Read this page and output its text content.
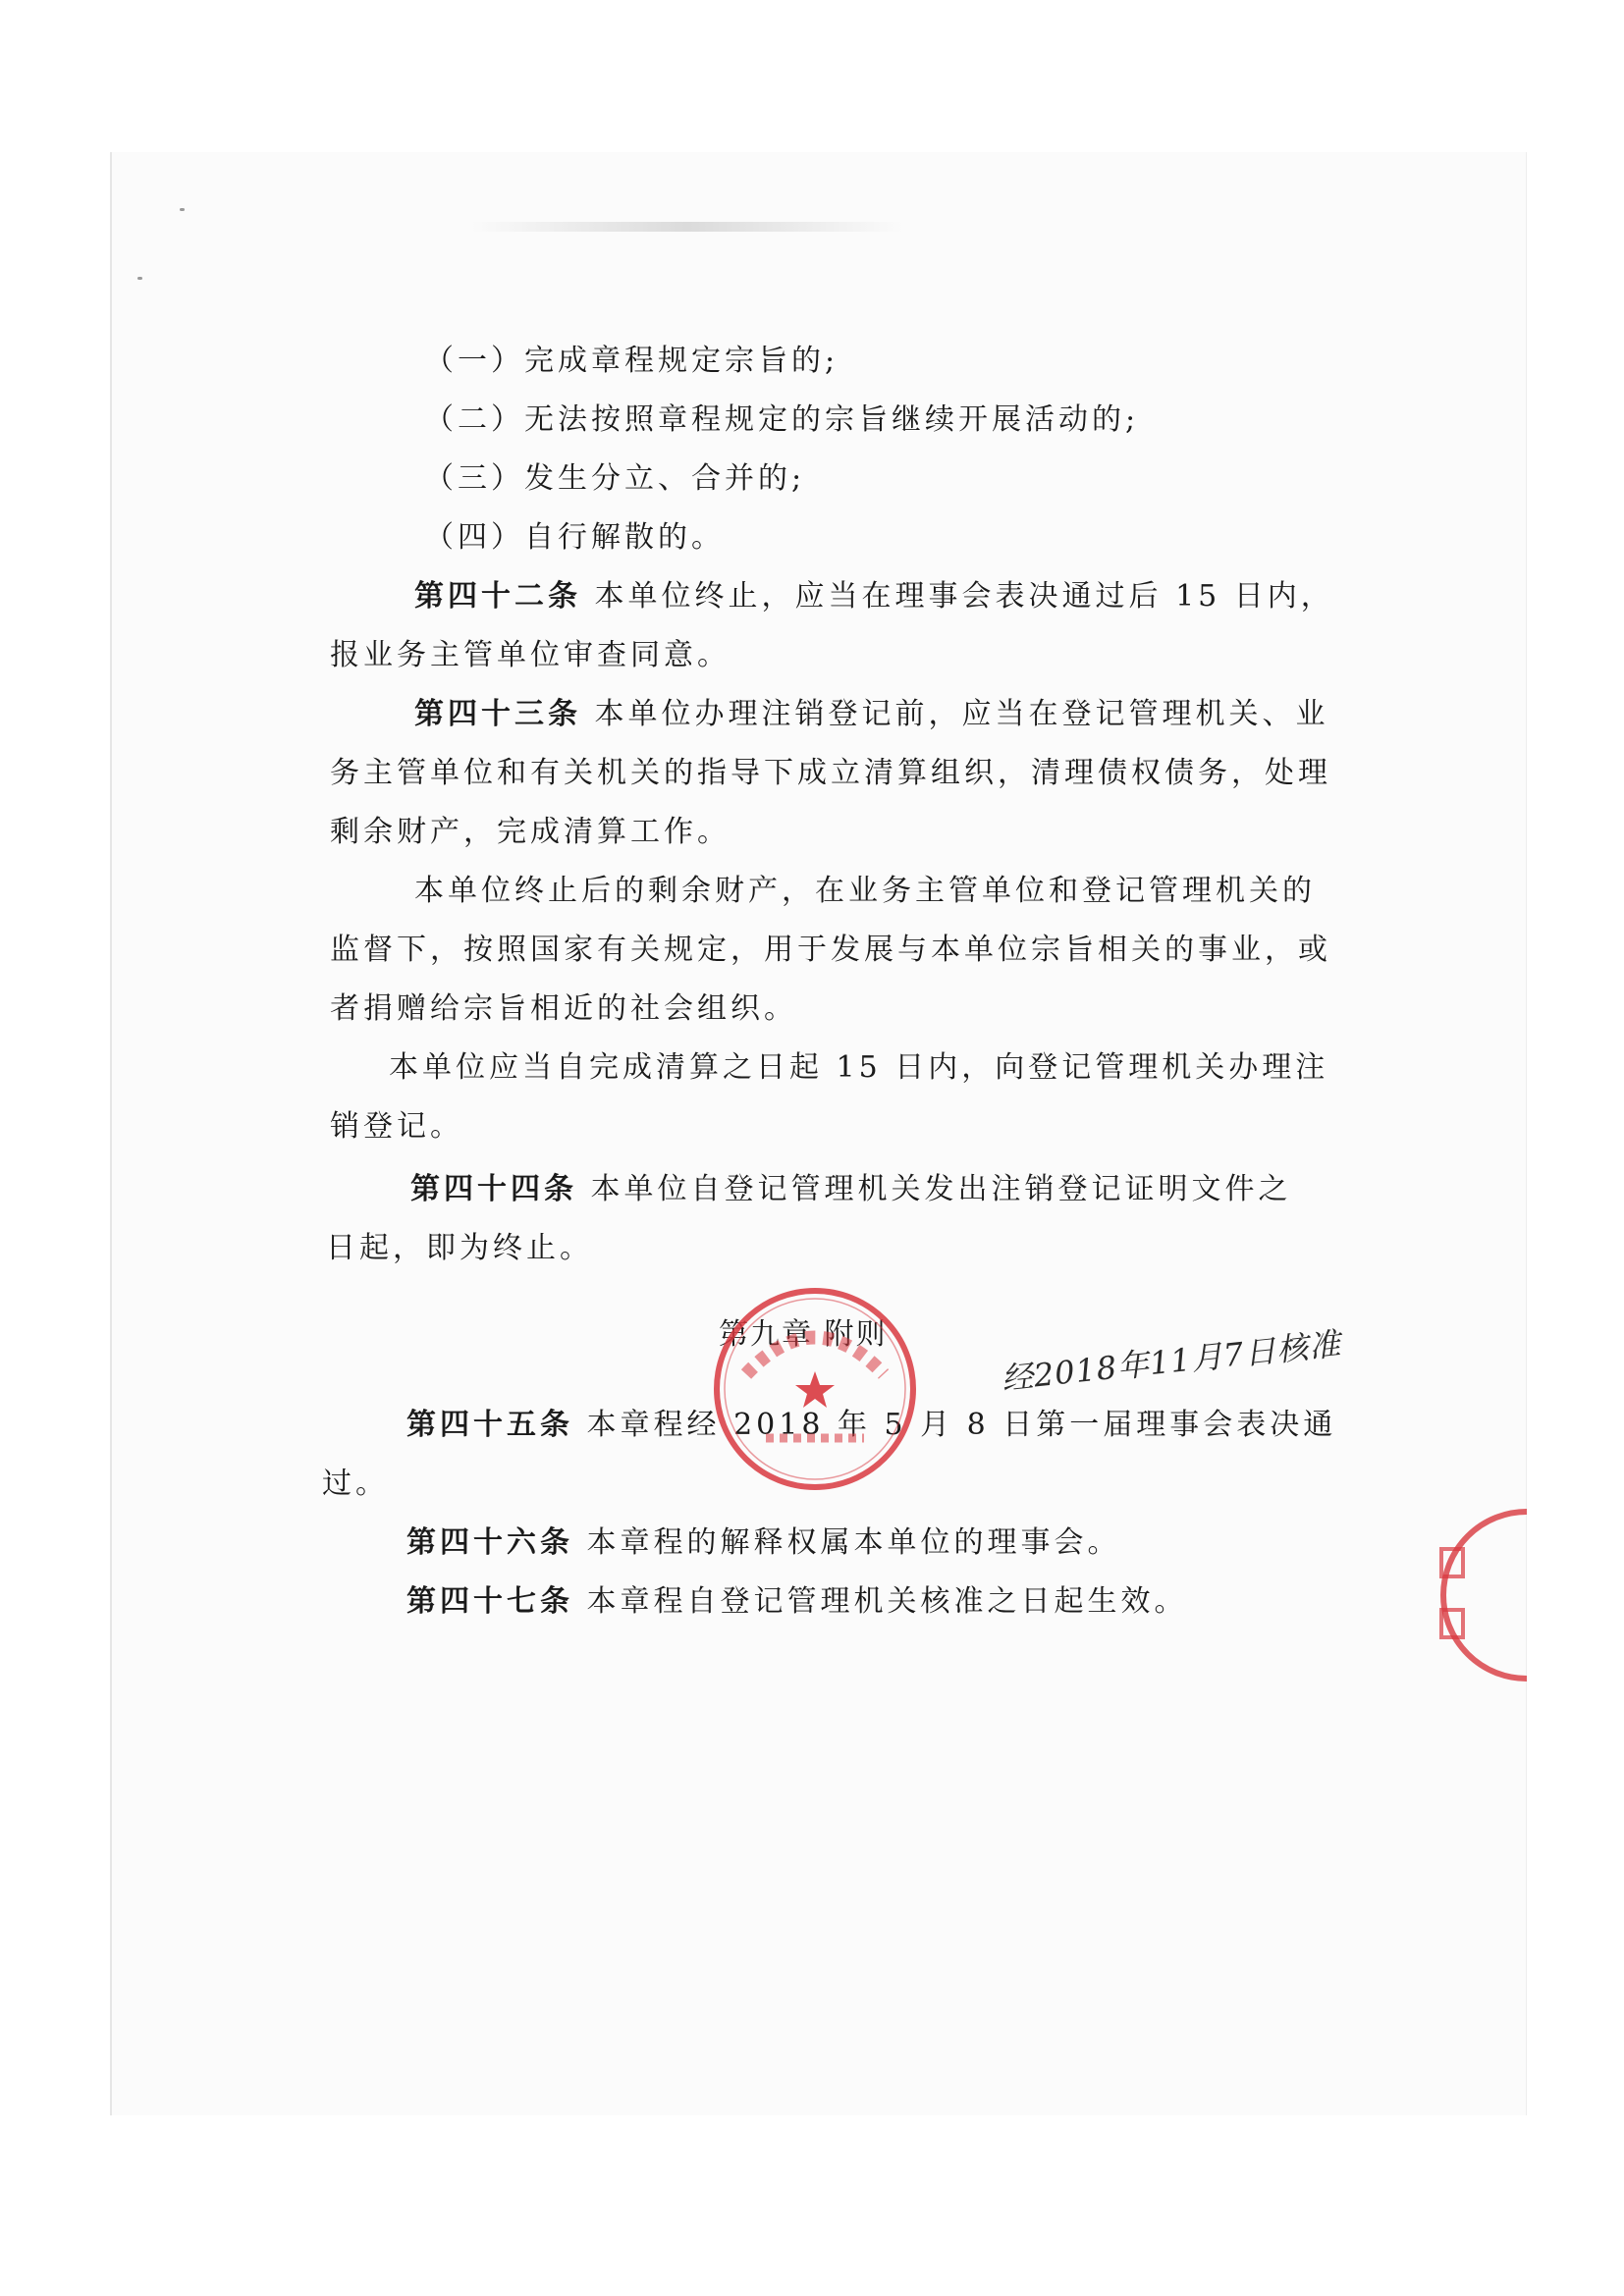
（一）完成章程规定宗旨的;
（二）无法按照章程规定的宗旨继续开展活动的;
（三）发生分立、合并的;
（四）自行解散的。
第四十二条 本单位终止，应当在理事会表决通过后 15 日内，
报业务主管单位审查同意。
第四十三条 本单位办理注销登记前，应当在登记管理机关、业
务主管单位和有关机关的指导下成立清算组织，清理债权债务，处理
剩余财产，完成清算工作。
本单位终止后的剩余财产，在业务主管单位和登记管理机关的
监督下，按照国家有关规定，用于发展与本单位宗旨相关的事业，或
者捐赠给宗旨相近的社会组织。
本单位应当自完成清算之日起 15 日内，向登记管理机关办理注
销登记。
第四十四条 本单位自登记管理机关发出注销登记证明文件之
日起，即为终止。
第九章 附则
第四十五条 本章程经 2018 年 5 月 8 日第一届理事会表决通
过。
第四十六条 本章程的解释权属本单位的理事会。
第四十七条 本章程自登记管理机关核准之日起生效。
经2018年11月7日核准
